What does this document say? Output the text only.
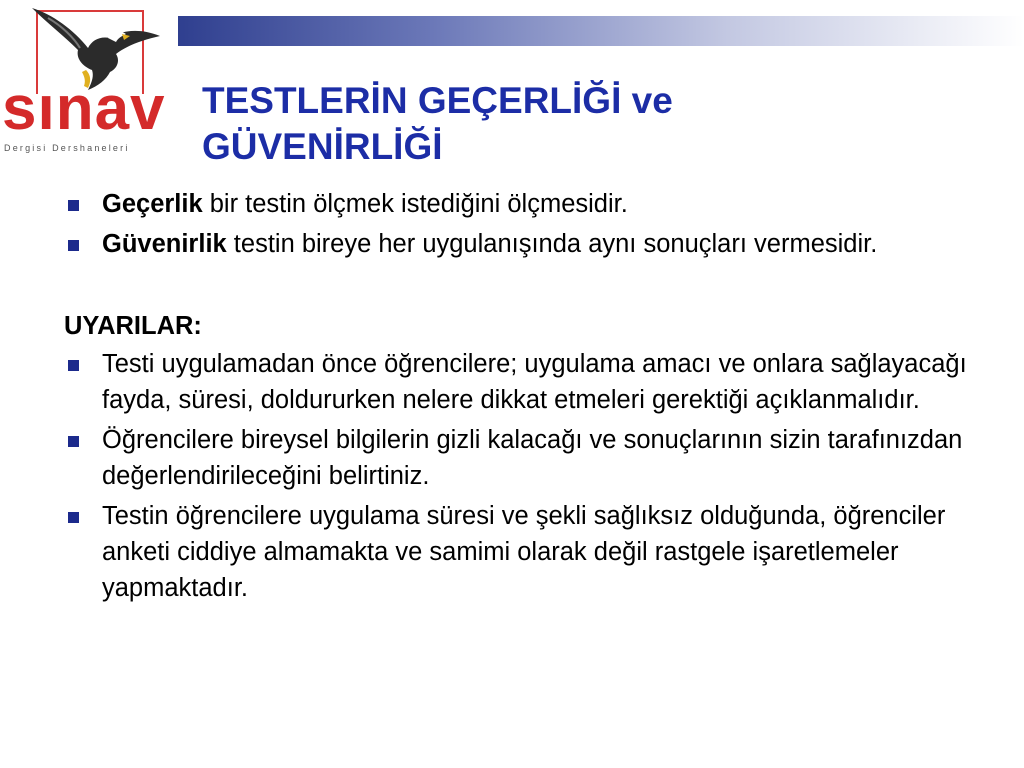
sınav
Dergisi Dershaneleri
TESTLERİN GEÇERLİĞİ ve
GÜVENİRLİĞİ
Geçerlik bir testin ölçmek istediğini ölçmesidir.
Güvenirlik testin bireye her uygulanışında aynı sonuçları vermesidir.
UYARILAR:
Testi uygulamadan önce öğrencilere; uygulama amacı ve onlara sağlayacağı fayda, süresi, doldururken nelere dikkat etmeleri gerektiği açıklanmalıdır.
Öğrencilere bireysel bilgilerin gizli kalacağı ve sonuçlarının sizin tarafınızdan değerlendirileceğini belirtiniz.
Testin öğrencilere uygulama süresi ve şekli sağlıksız olduğunda, öğrenciler anketi ciddiye almamakta ve samimi olarak değil rastgele işaretlemeler yapmaktadır.
